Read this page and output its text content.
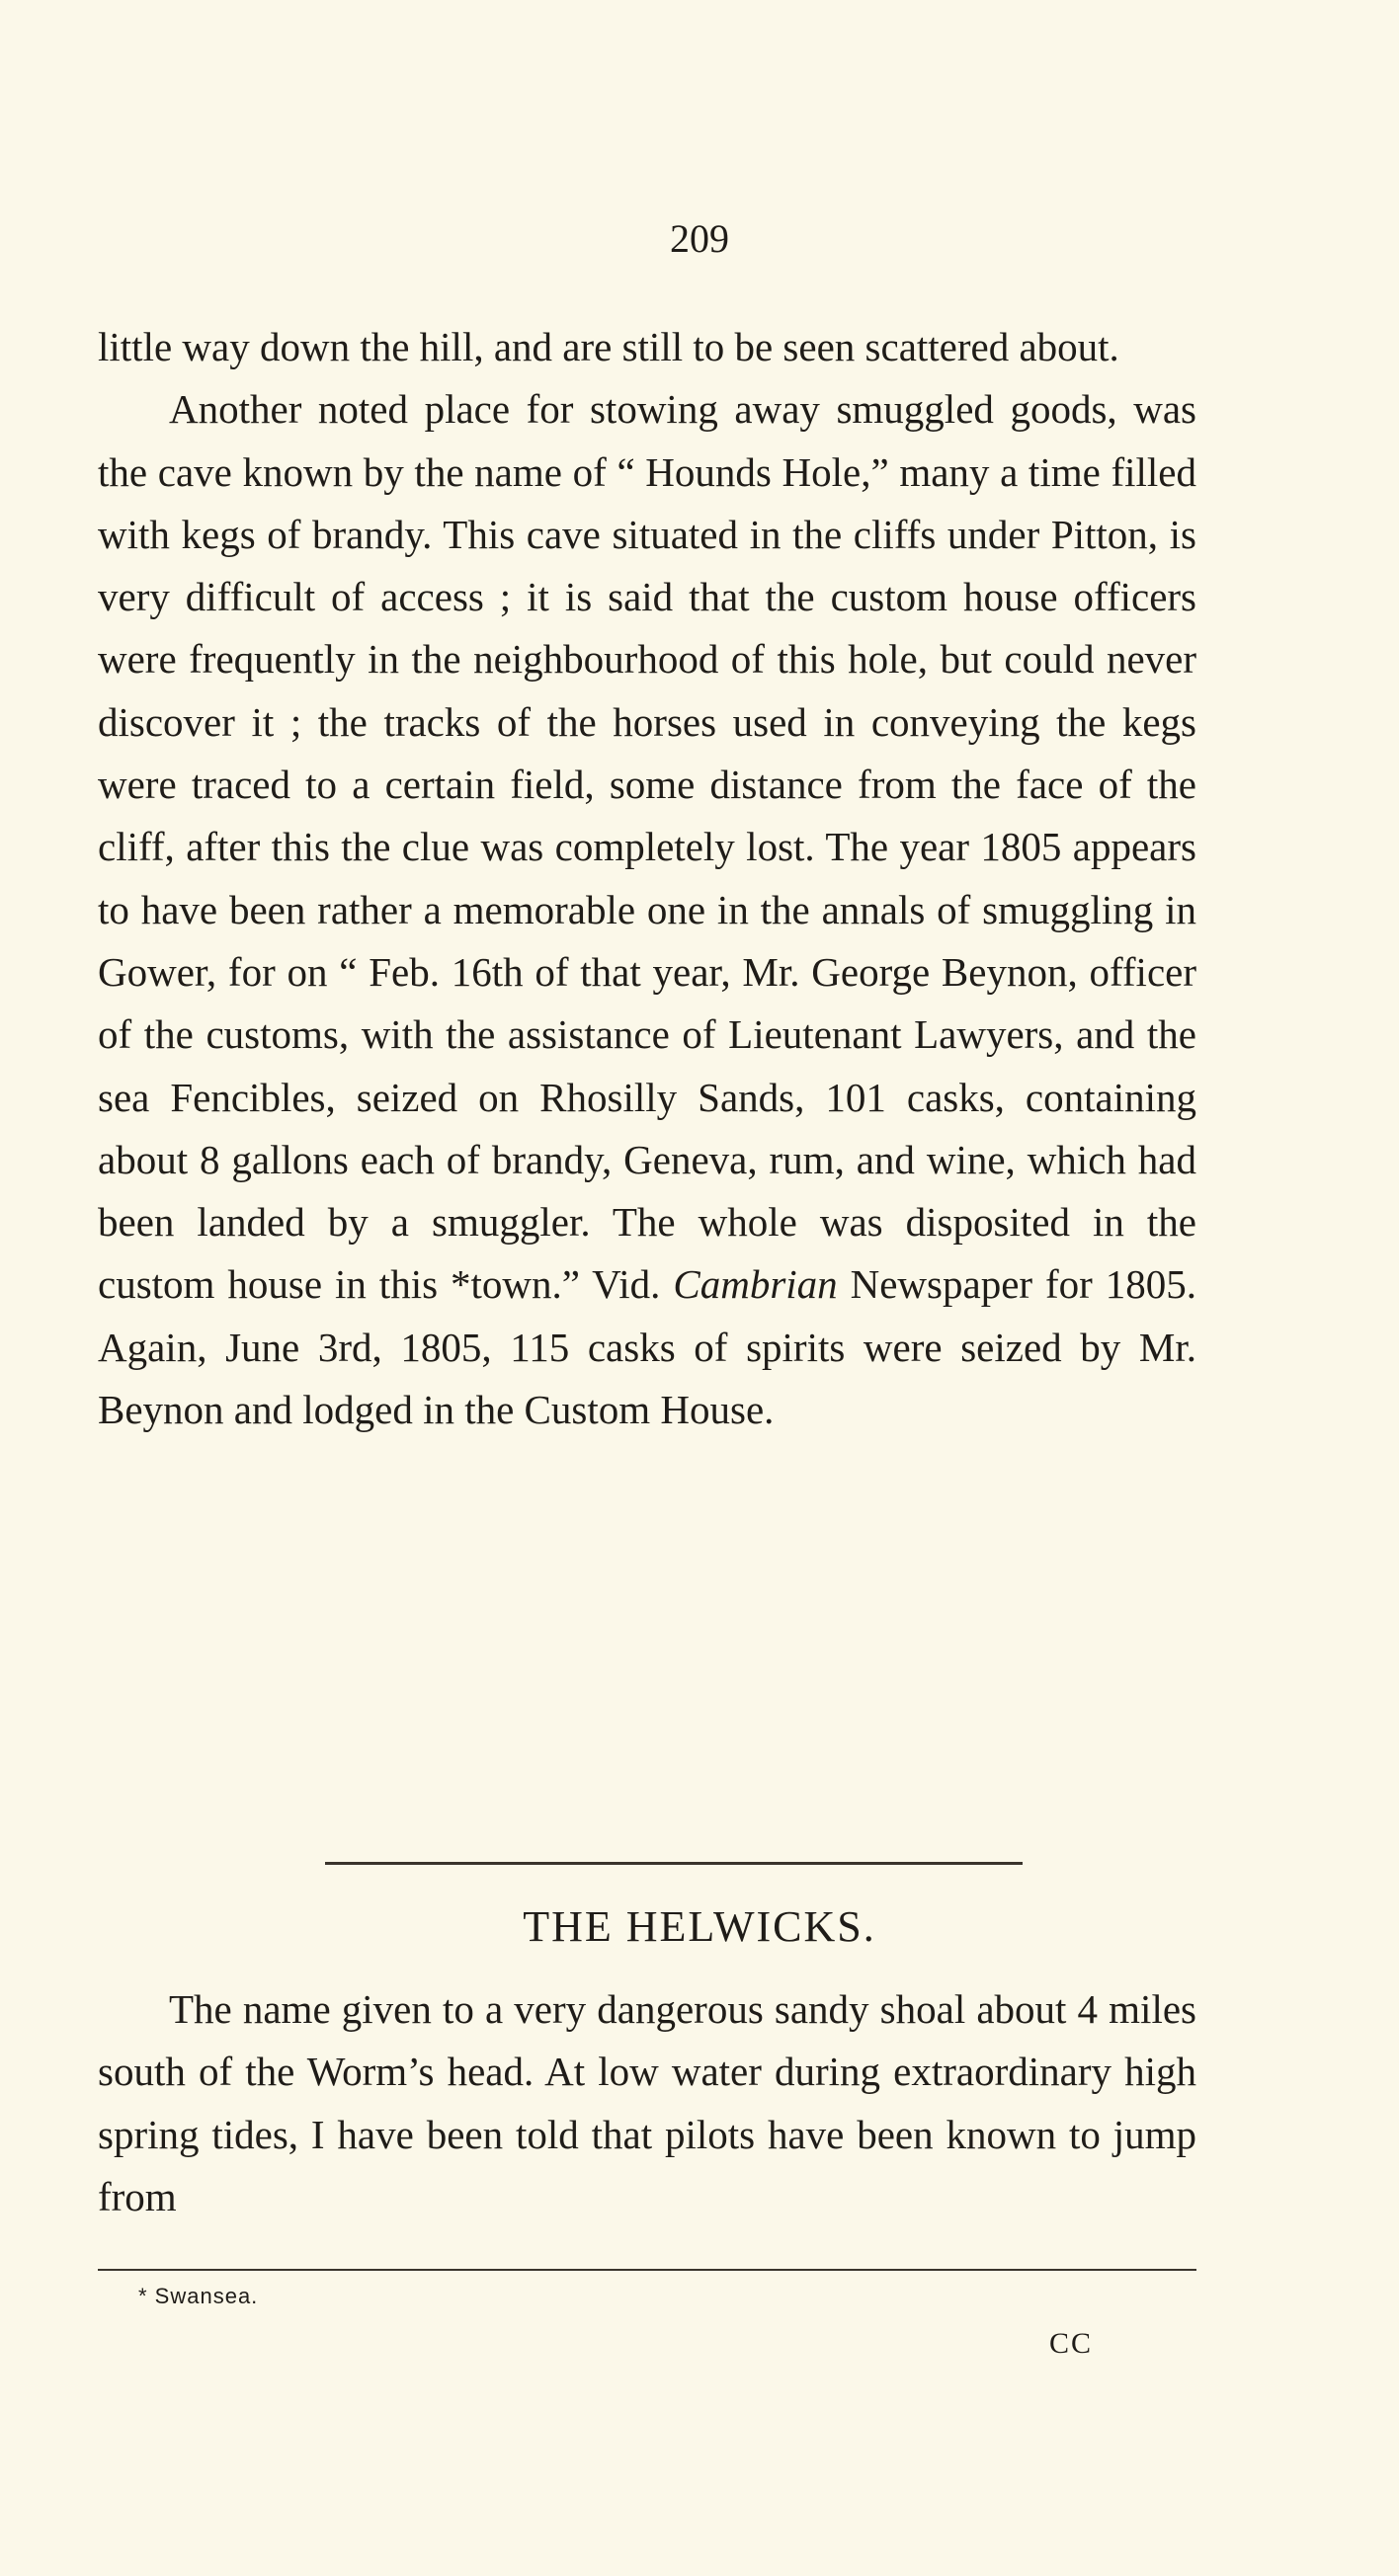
209

little way down the hill, and are still to be seen scattered about.

Another noted place for stowing away smuggled goods, was the cave known by the name of “ Hounds Hole,” many a time filled with kegs of brandy. This cave situated in the cliffs under Pitton, is very difficult of access ; it is said that the custom house officers were frequently in the neighbourhood of this hole, but could never discover it ; the tracks of the horses used in conveying the kegs were traced to a certain field, some distance from the face of the cliff, after this the clue was completely lost. The year 1805 appears to have been rather a memorable one in the annals of smuggling in Gower, for on “ Feb. 16th of that year, Mr. George Beynon, officer of the customs, with the assistance of Lieutenant Lawyers, and the sea Fencibles, seized on Rhosilly Sands, 101 casks, containing about 8 gallons each of brandy, Geneva, rum, and wine, which had been landed by a smuggler. The whole was disposited in the custom house in this *town.” Vid. Cambrian Newspaper for 1805. Again, June 3rd, 1805, 115 casks of spirits were seized by Mr. Beynon and lodged in the Custom House.

THE HELWICKS.

The name given to a very dangerous sandy shoal about 4 miles south of the Worm’s head. At low water during extraordinary high spring tides, I have been told that pilots have been known to jump from

* Swansea.
CC
